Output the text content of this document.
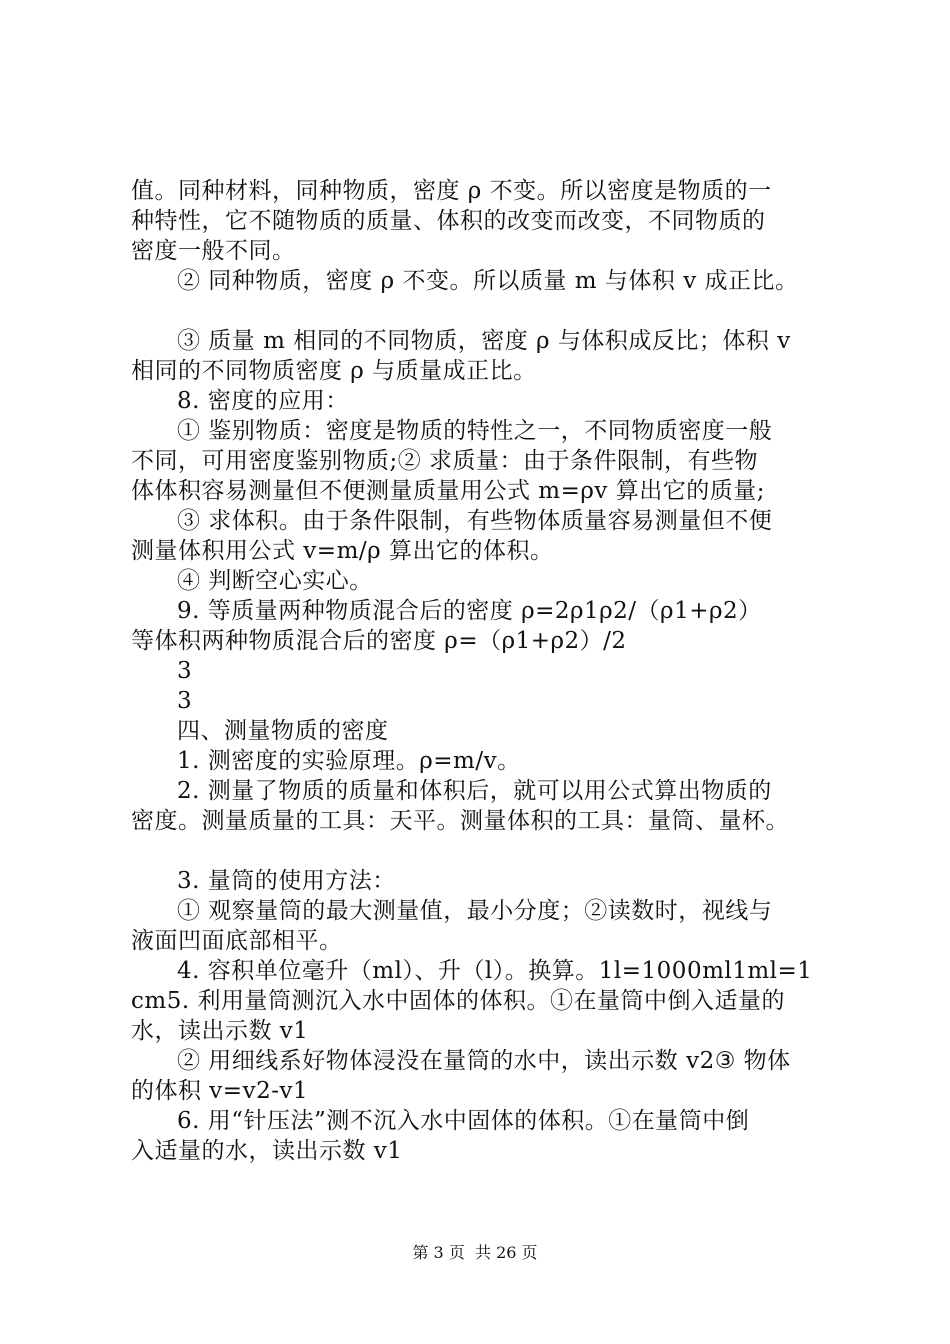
值。同种材料，同种物质，密度 ρ 不变。所以密度是物质的一
种特性，它不随物质的质量、体积的改变而改变，不同物质的
密度一般不同。
② 同种物质，密度 ρ 不变。所以质量 m 与体积 v 成正比。
③ 质量 m 相同的不同物质，密度 ρ 与体积成反比；体积 v
相同的不同物质密度 ρ 与质量成正比。
8. 密度的应用：
① 鉴别物质：密度是物质的特性之一，不同物质密度一般
不同，可用密度鉴别物质;② 求质量：由于条件限制，有些物
体体积容易测量但不便测量质量用公式 m=ρv 算出它的质量;
③ 求体积。由于条件限制，有些物体质量容易测量但不便
测量体积用公式 v=m/ρ 算出它的体积。
④ 判断空心实心。
9. 等质量两种物质混合后的密度 ρ=2ρ1ρ2/（ρ1+ρ2）
等体积两种物质混合后的密度 ρ=（ρ1+ρ2）/2
3
3
四、测量物质的密度
1. 测密度的实验原理。ρ=m/v。
2. 测量了物质的质量和体积后，就可以用公式算出物质的
密度。测量质量的工具：天平。测量体积的工具：量筒、量杯。
3. 量筒的使用方法：
① 观察量筒的最大测量值，最小分度；②读数时，视线与
液面凹面底部相平。
4. 容积单位毫升（ml）、升（l）。换算。1l=1000ml1ml=1
cm5. 利用量筒测沉入水中固体的体积。①在量筒中倒入适量的
水，读出示数 v1
② 用细线系好物体浸没在量筒的水中，读出示数 v2③ 物体
的体积 v=v2-v1
6. 用“针压法”测不沉入水中固体的体积。①在量筒中倒
入适量的水，读出示数 v1
第 3 页  共 26 页
